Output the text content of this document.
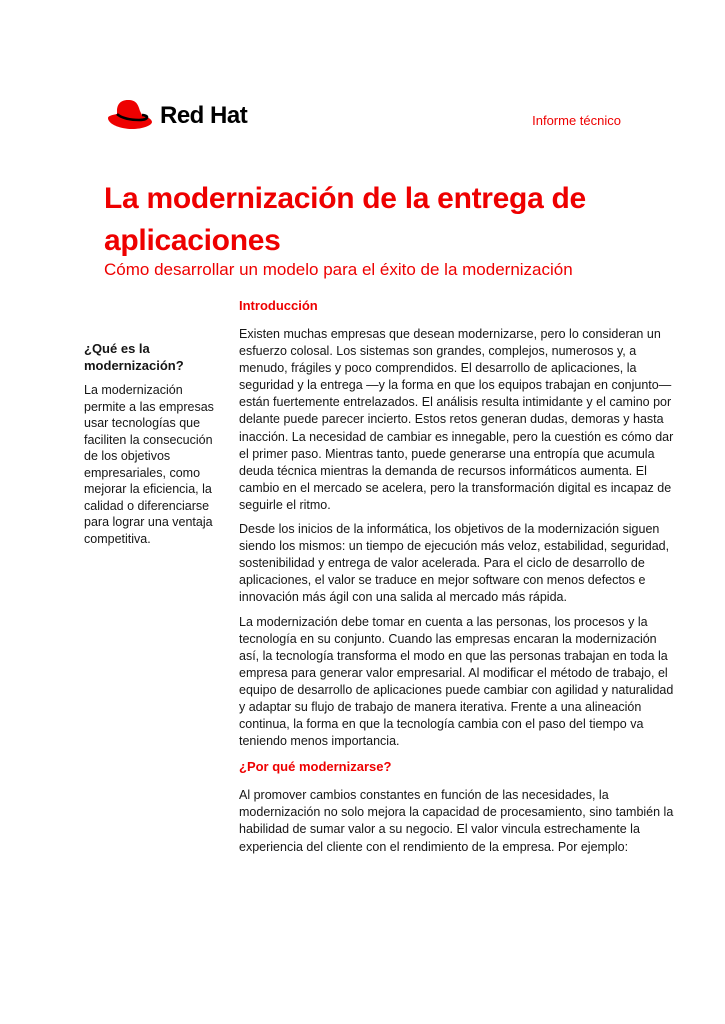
Red Hat	Informe técnico
La modernización de la entrega de aplicaciones
Cómo desarrollar un modelo para el éxito de la modernización
¿Qué es la modernización?

La modernización permite a las empresas usar tecnologías que faciliten la consecución de los objetivos empresariales, como mejorar la eficiencia, la calidad o diferenciarse para lograr una ventaja competitiva.

Introducción

Existen muchas empresas que desean modernizarse, pero lo consideran un esfuerzo colosal. Los sistemas son grandes, complejos, numerosos y, a menudo, frágiles y poco comprendidos. El desarrollo de aplicaciones, la seguridad y la entrega —y la forma en que los equipos trabajan en conjunto— están fuertemente entrelazados. El análisis resulta intimidante y el camino por delante puede parecer incierto. Estos retos generan dudas, demoras y hasta inacción. La necesidad de cambiar es innegable, pero la cuestión es cómo dar el primer paso. Mientras tanto, puede generarse una entropía que acumula deuda técnica mientras la demanda de recursos informáticos aumenta. El cambio en el mercado se acelera, pero la transformación digital es incapaz de seguirle el ritmo.

Desde los inicios de la informática, los objetivos de la modernización siguen siendo los mismos: un tiempo de ejecución más veloz, estabilidad, seguridad, sostenibilidad y entrega de valor acelerada. Para el ciclo de desarrollo de aplicaciones, el valor se traduce en mejor software con menos defectos e innovación más ágil con una salida al mercado más rápida.

La modernización debe tomar en cuenta a las personas, los procesos y la tecnología en su conjunto. Cuando las empresas encaran la modernización así, la tecnología transforma el modo en que las personas trabajan en toda la empresa para generar valor empresarial. Al modificar el método de trabajo, el equipo de desarrollo de aplicaciones puede cambiar con agilidad y naturalidad y adaptar su flujo de trabajo de manera iterativa. Frente a una alineación continua, la forma en que la tecnología cambia con el paso del tiempo va teniendo menos importancia.

¿Por qué modernizarse?

Al promover cambios constantes en función de las necesidades, la modernización no solo mejora la capacidad de procesamiento, sino también la habilidad de sumar valor a su negocio. El valor vincula estrechamente la experiencia del cliente con el rendimiento de la empresa. Por ejemplo:
